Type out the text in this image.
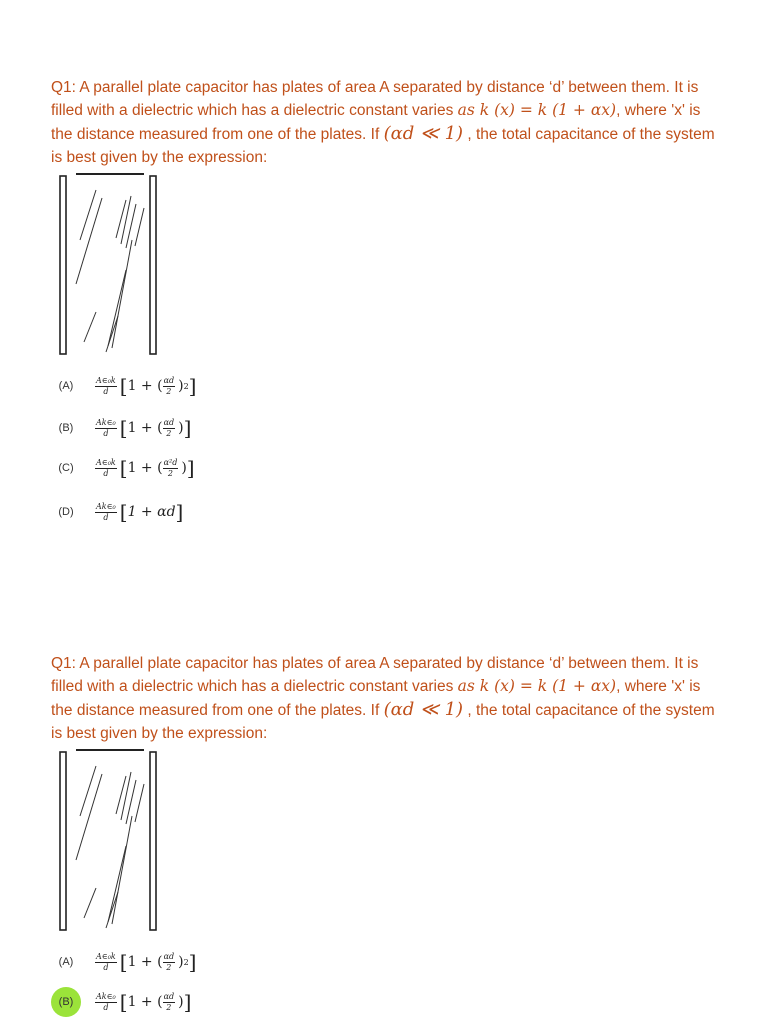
Q1: A parallel plate capacitor has plates of area A separated by distance ‘d’ between them. It is filled with a dielectric which has a dielectric constant varies as k (x) = k (1 + αx), where 'x' is the distance measured from one of the plates. If (αd ≪ 1) , the total capacitance of the system is best given by the expression:
(A)	$\frac{\text{A∈₀k}}{d}$ [ 1 + ( $\frac{\alpha d}{2}$ ) 2 ]
(B)	$\frac{\text{Ak∈₀}}{d}$ [ 1 + ( $\frac{\alpha d}{2}$ ) ]
(C)	$\frac{\text{A∈₀k}}{d}$ [ 1 + ( $\frac{\text{α²d}}{2}$ ) ]
(D)	$\frac{\text{Ak∈₀}}{d}$ [ 1 + αd ]
Q1: A parallel plate capacitor has plates of area A separated by distance ‘d’ between them. It is filled with a dielectric which has a dielectric constant varies as k (x) = k (1 + αx), where 'x' is the distance measured from one of the plates. If (αd ≪ 1) , the total capacitance of the system is best given by the expression:
(A)	$\frac{\text{A∈₀k}}{d}$ [ 1 + ( $\frac{\alpha d}{2}$ ) 2 ]
(B)	$\frac{\text{Ak∈₀}}{d}$ [ 1 + ( $\frac{\alpha d}{2}$ ) ]
